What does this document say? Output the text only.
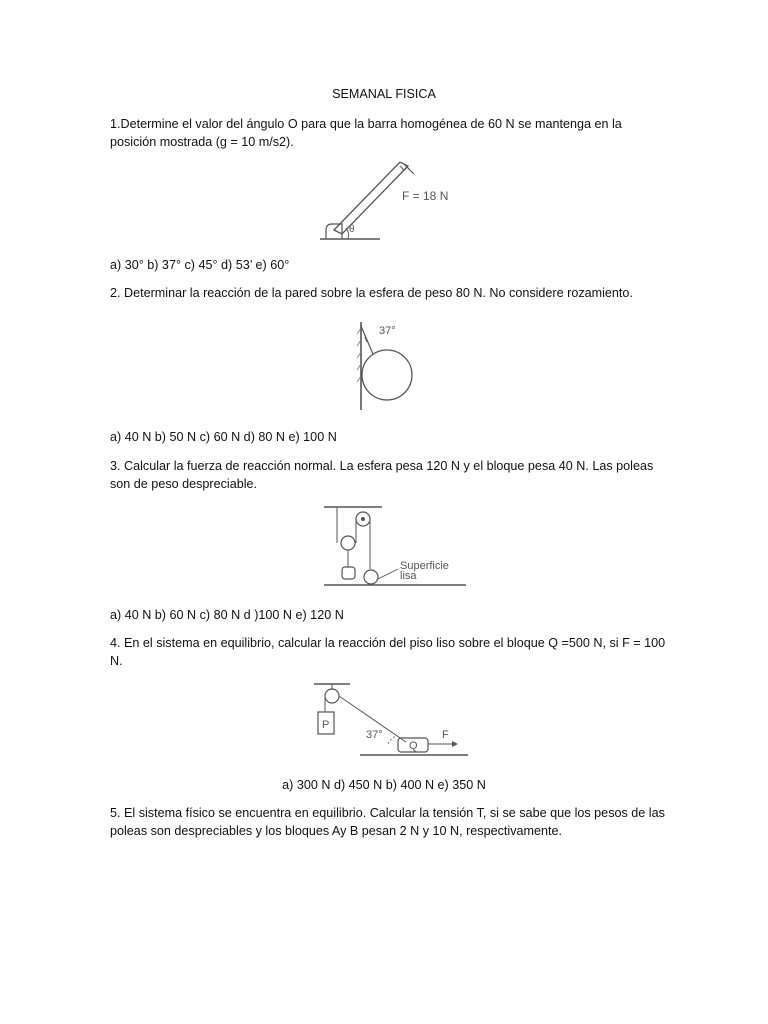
SEMANAL FISICA

1.Determine el valor del ángulo O para que la barra homogénea de 60 N se mantenga en la posición mostrada (g = 10 m/s2).

F = 18 N
θ

a) 30° b) 37° c) 45° d) 53’ e) 60°

2. Determinar la reacción de la pared sobre la esfera de peso 80 N. No considere rozamiento.

37°

a) 40 N b) 50 N c) 60 N d) 80 N e) 100 N

3. Calcular la fuerza de reacción normal. La esfera pesa 120 N y el bloque pesa 40 N. Las poleas son de peso despreciable.

Superficie
lisa

a) 40 N b) 60 N c) 80 N d )100 N e) 120 N

4. En el sistema en equilibrio, calcular la reacción del piso liso sobre el bloque Q =500 N, si F = 100 N.

P
37°
Q
F

a) 300 N d) 450 N b) 400 N e) 350 N

5. El sistema físico se encuentra en equilibrio. Calcular la tensión T, si se sabe que los pesos de las poleas son despreciables y los bloques Ay B pesan 2 N y 10 N, respectivamente.
